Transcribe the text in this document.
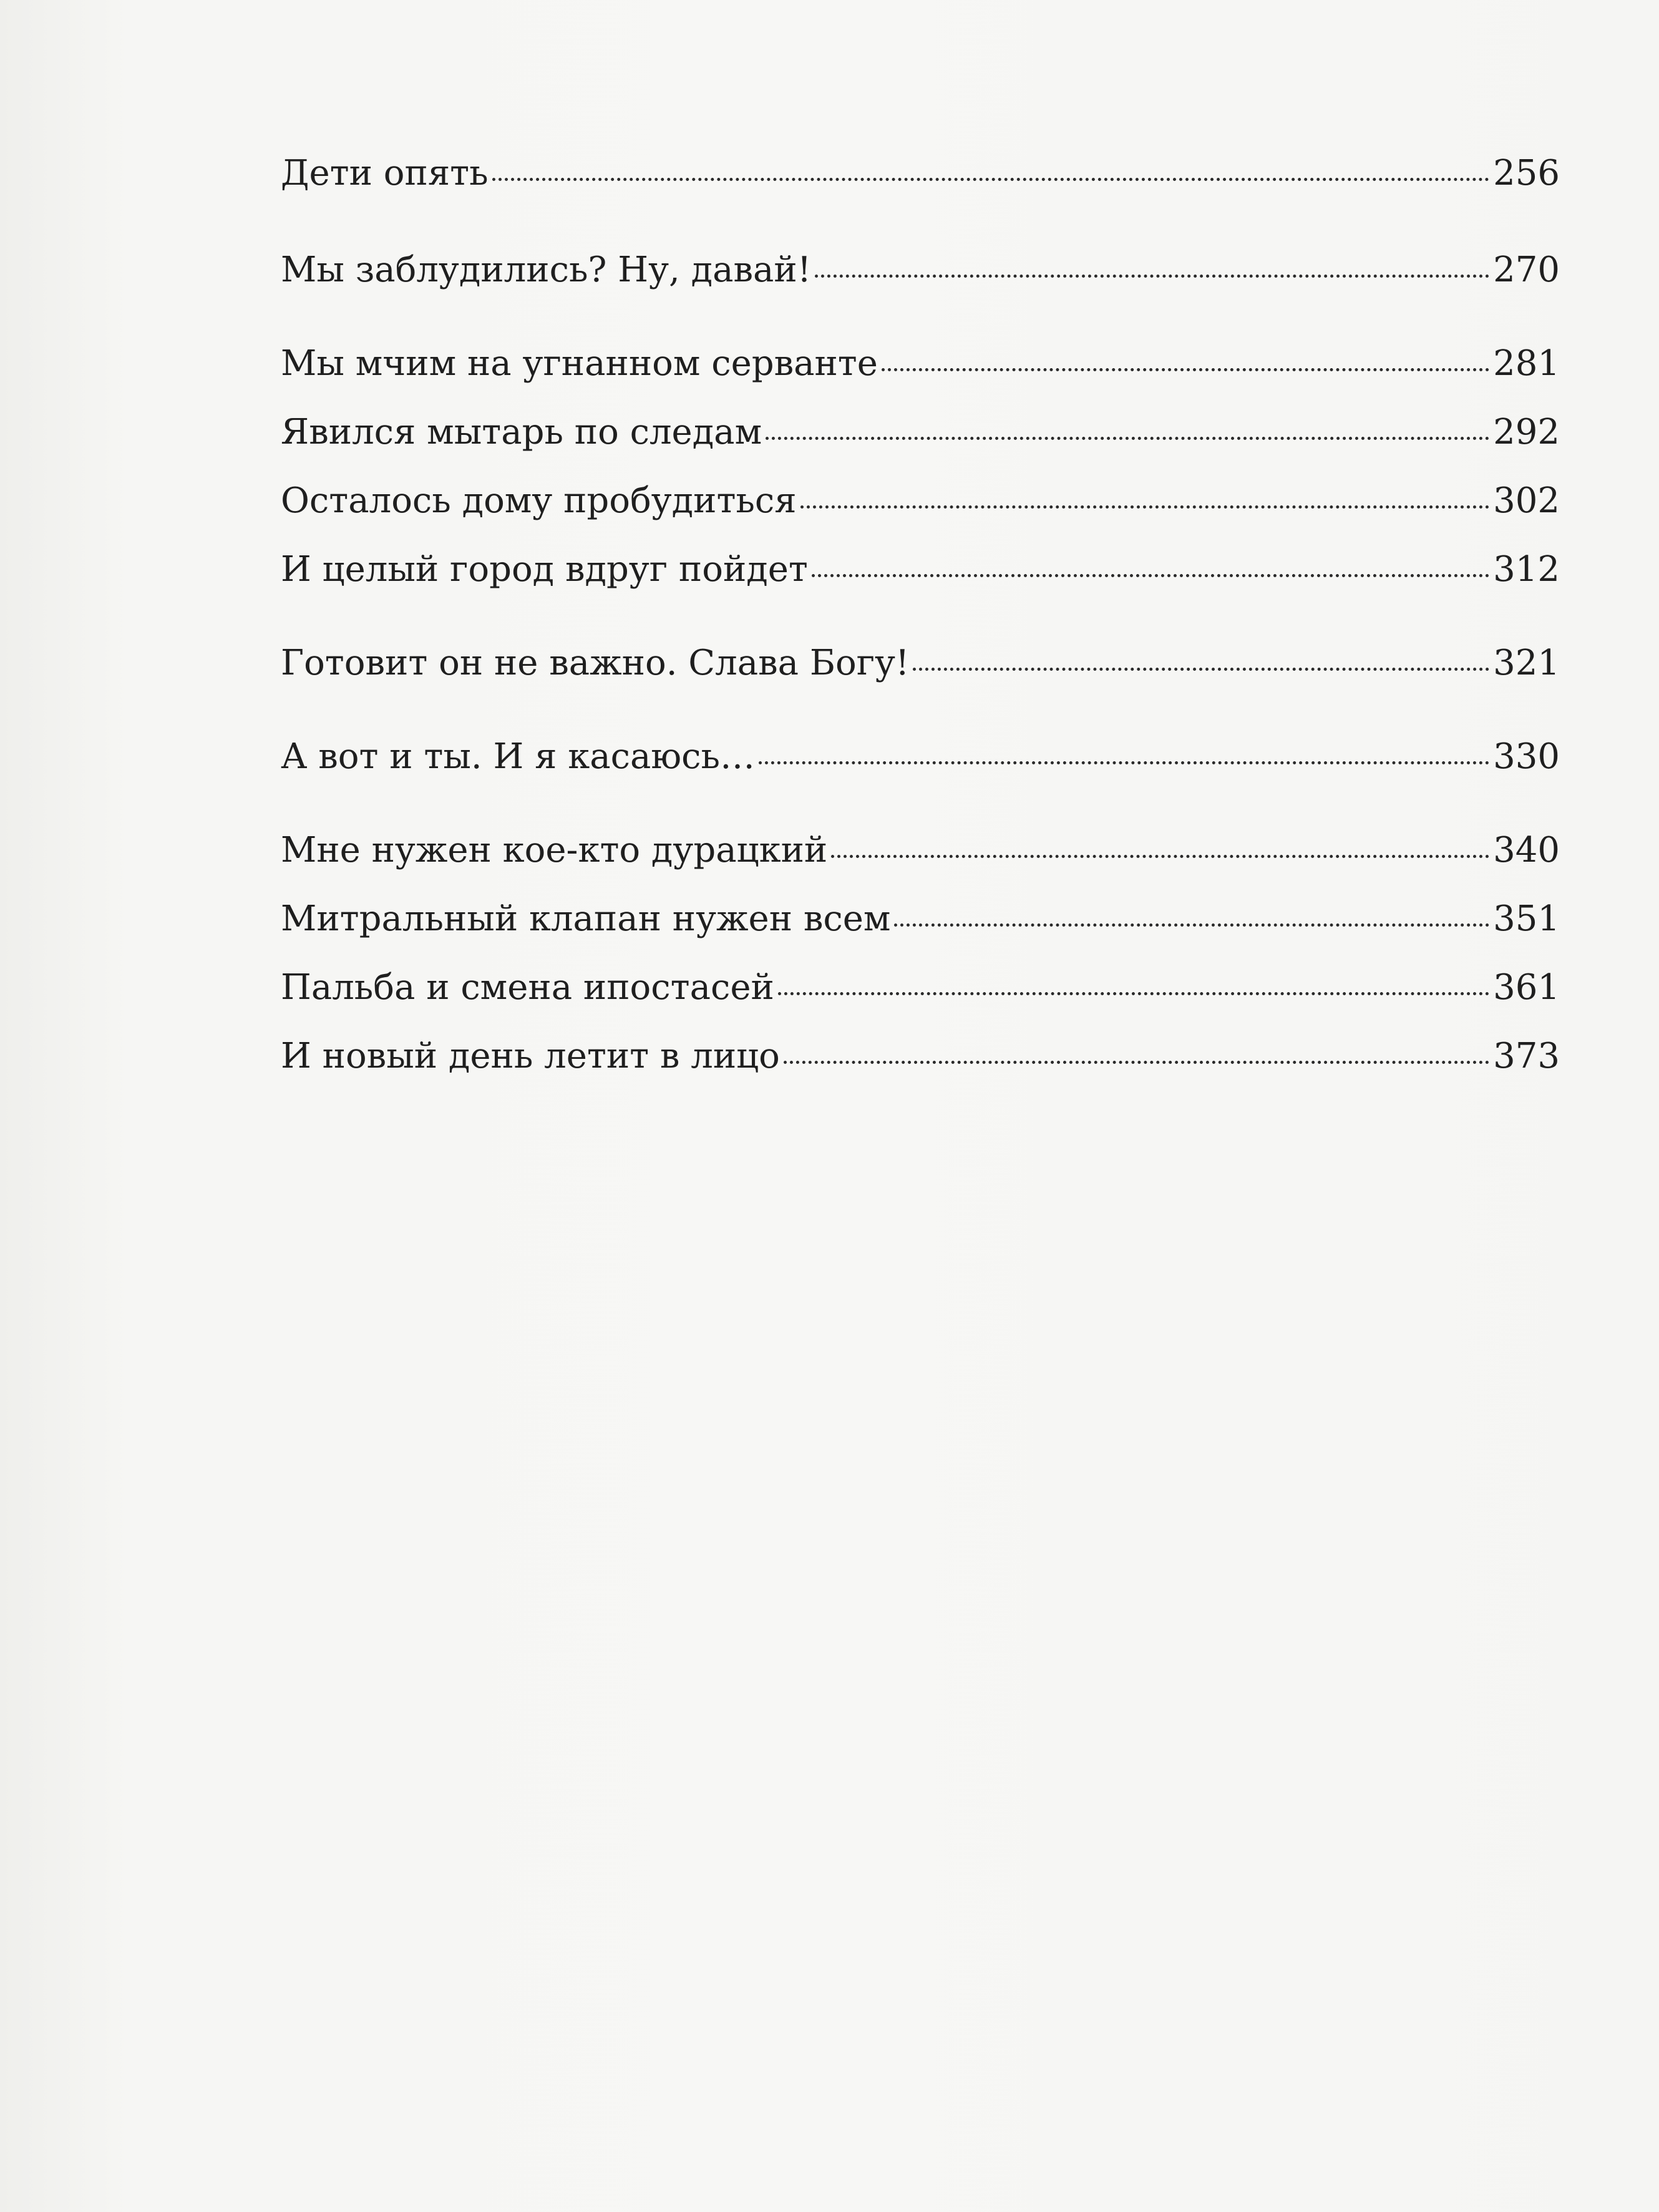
Дети опять	256
Мы заблудились? Ну, давай!	270
Мы мчим на угнанном серванте	281
Явился мытарь по следам	292
Осталось дому пробудиться	302
И целый город вдруг пойдет	312
Готовит он не важно. Слава Богу!	321
А вот и ты. И я касаюсь…	330
Мне нужен кое-кто дурацкий	340
Митральный клапан нужен всем	351
Пальба и смена ипостасей	361
И новый день летит в лицо	373
